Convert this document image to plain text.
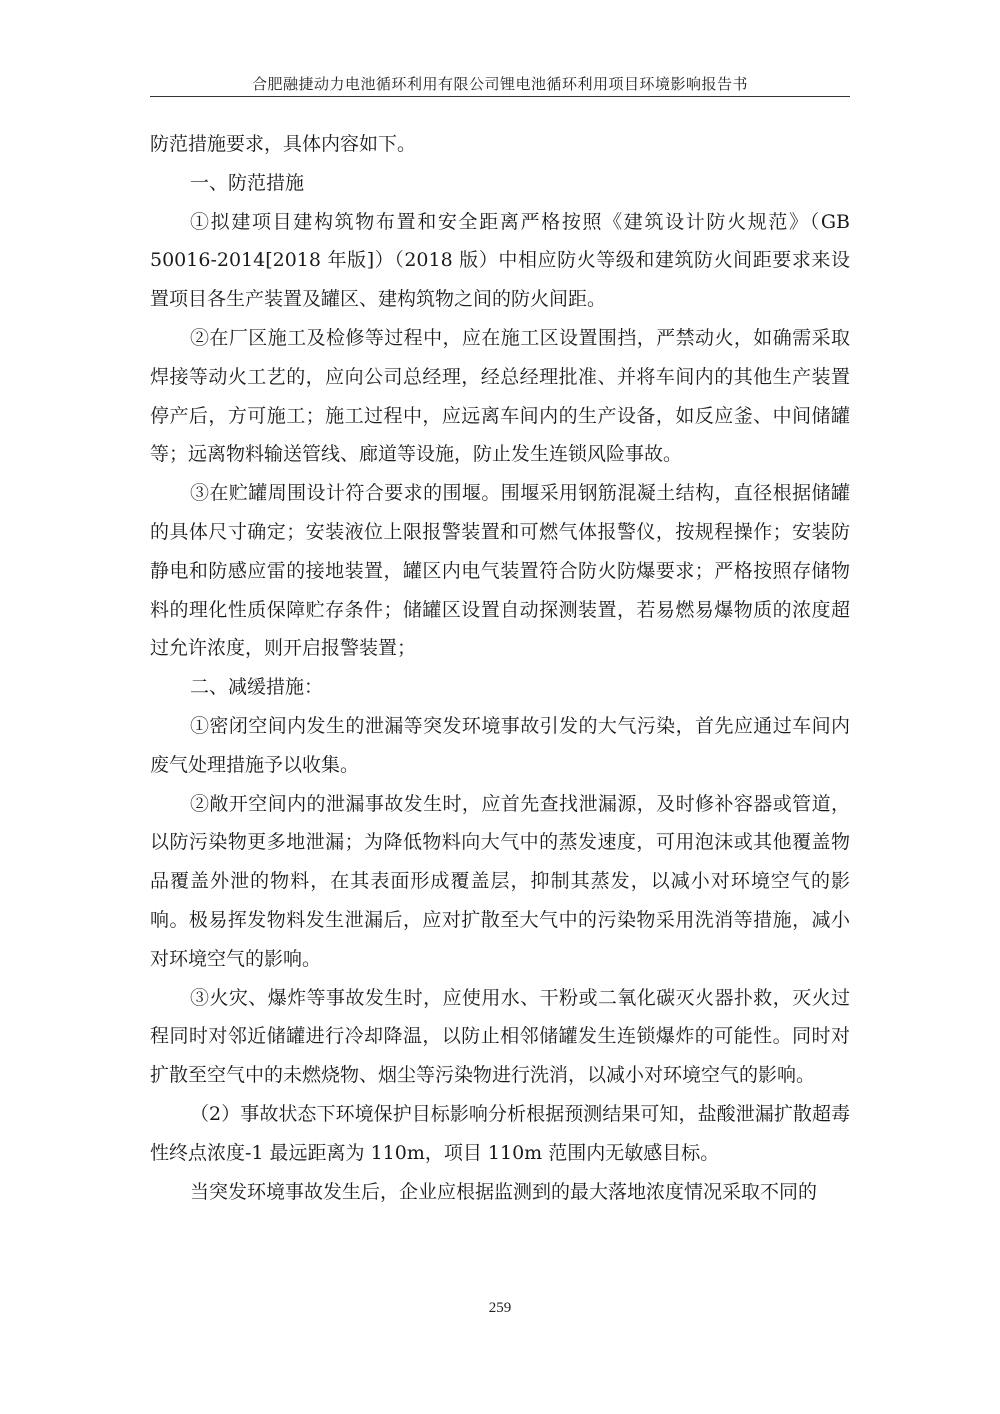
合肥融捷动力电池循环利用有限公司锂电池循环利用项目环境影响报告书

防范措施要求，具体内容如下。

一、防范措施

①拟建项目建构筑物布置和安全距离严格按照《建筑设计防火规范》（GB 50016-2014[2018 年版]）（2018 版）中相应防火等级和建筑防火间距要求来设置项目各生产装置及罐区、建构筑物之间的防火间距。

②在厂区施工及检修等过程中，应在施工区设置围挡，严禁动火，如确需采取焊接等动火工艺的，应向公司总经理，经总经理批准、并将车间内的其他生产装置停产后，方可施工；施工过程中，应远离车间内的生产设备，如反应釜、中间储罐等；远离物料输送管线、廊道等设施，防止发生连锁风险事故。

③在贮罐周围设计符合要求的围堰。围堰采用钢筋混凝土结构，直径根据储罐的具体尺寸确定；安装液位上限报警装置和可燃气体报警仪，按规程操作；安装防静电和防感应雷的接地装置，罐区内电气装置符合防火防爆要求；严格按照存储物料的理化性质保障贮存条件；储罐区设置自动探测装置，若易燃易爆物质的浓度超过允许浓度，则开启报警装置；

二、减缓措施：

①密闭空间内发生的泄漏等突发环境事故引发的大气污染，首先应通过车间内废气处理措施予以收集。

②敞开空间内的泄漏事故发生时，应首先查找泄漏源，及时修补容器或管道，以防污染物更多地泄漏；为降低物料向大气中的蒸发速度，可用泡沫或其他覆盖物品覆盖外泄的物料，在其表面形成覆盖层，抑制其蒸发，以减小对环境空气的影响。极易挥发物料发生泄漏后，应对扩散至大气中的污染物采用洗消等措施，减小对环境空气的影响。

③火灾、爆炸等事故发生时，应使用水、干粉或二氧化碳灭火器扑救，灭火过程同时对邻近储罐进行冷却降温，以防止相邻储罐发生连锁爆炸的可能性。同时对扩散至空气中的未燃烧物、烟尘等污染物进行洗消，以减小对环境空气的影响。

（2）事故状态下环境保护目标影响分析根据预测结果可知，盐酸泄漏扩散超毒性终点浓度-1 最远距离为 110m，项目 110m 范围内无敏感目标。

当突发环境事故发生后，企业应根据监测到的最大落地浓度情况采取不同的

259
